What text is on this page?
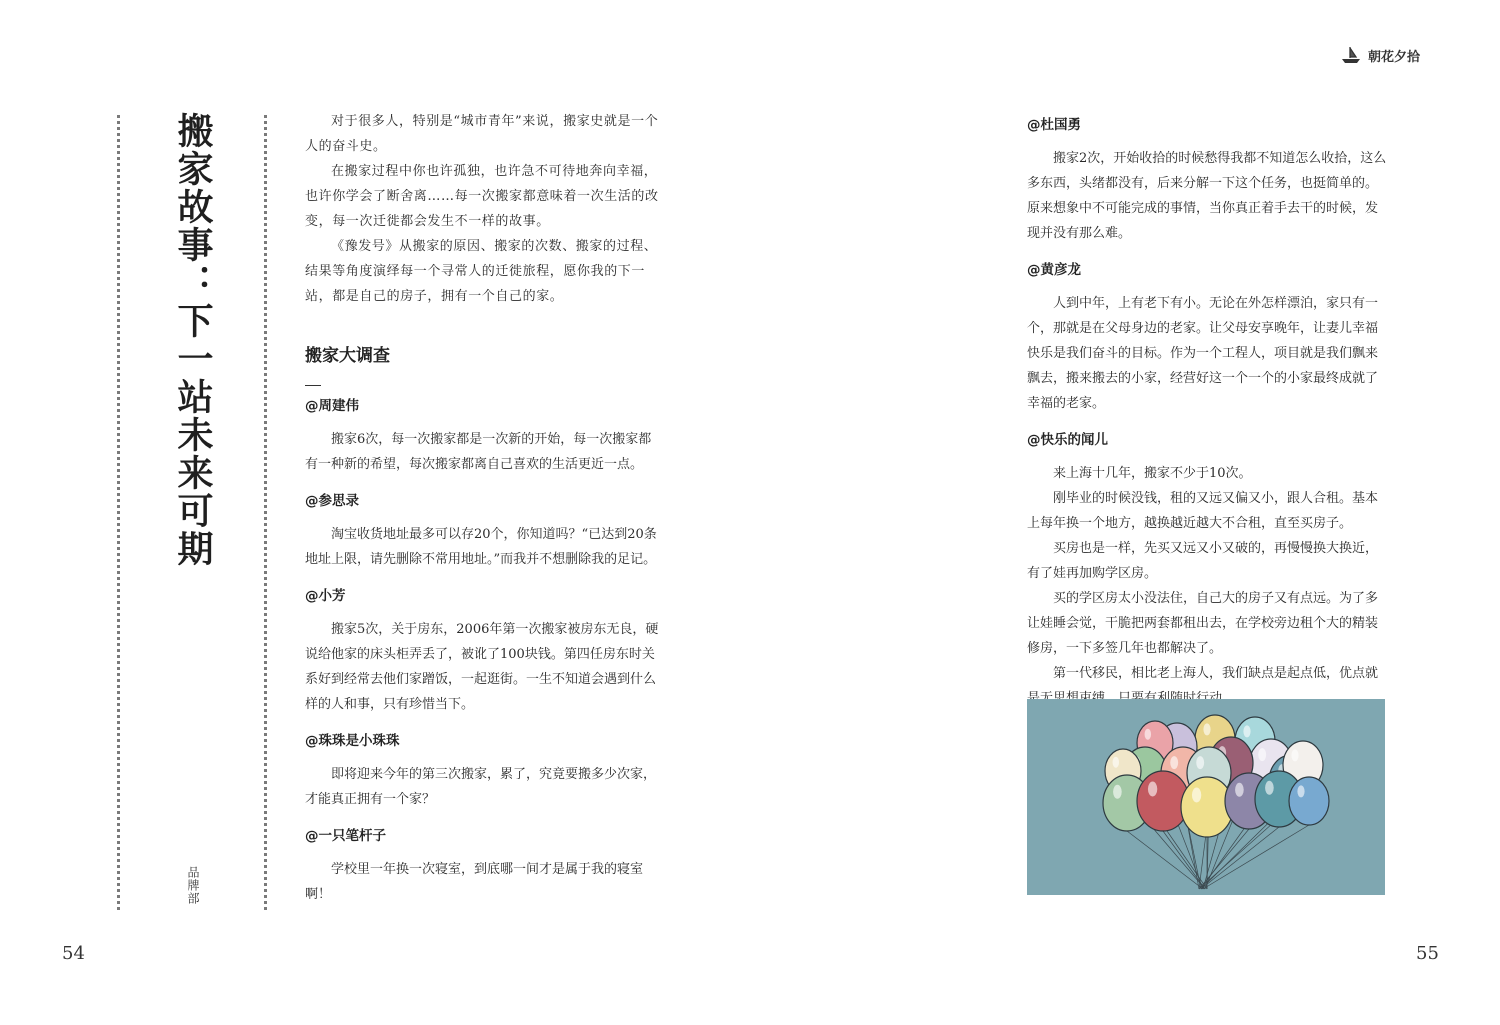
朝花夕拾
搬家故事：下一站未来可期
品牌部

对于很多人，特别是“城市青年”来说，搬家史就是一个人的奋斗史。

在搬家过程中你也许孤独，也许急不可待地奔向幸福，也许你学会了断舍离……每一次搬家都意味着一次生活的改变，每一次迁徙都会发生不一样的故事。

《豫发号》从搬家的原因、搬家的次数、搬家的过程、结果等角度演绎每一个寻常人的迁徙旅程，愿你我的下一站，都是自己的房子，拥有一个自己的家。

搬家大调查
@周建伟

搬家6次，每一次搬家都是一次新的开始，每一次搬家都有一种新的希望，每次搬家都离自己喜欢的生活更近一点。

@参思录

淘宝收货地址最多可以存20个，你知道吗？“已达到20条地址上限，请先删除不常用地址。”而我并不想删除我的足记。

@小芳

搬家5次，关于房东，2006年第一次搬家被房东无良，硬说给他家的床头柜弄丢了，被讹了100块钱。第四任房东时关系好到经常去他们家蹭饭，一起逛街。一生不知道会遇到什么样的人和事，只有珍惜当下。

@珠珠是小珠珠

即将迎来今年的第三次搬家，累了，究竟要搬多少次家，才能真正拥有一个家？

@一只笔杆子

学校里一年换一次寝室，到底哪一间才是属于我的寝室啊！

@杜国勇

搬家2次，开始收拾的时候愁得我都不知道怎么收拾，这么多东西，头绪都没有，后来分解一下这个任务，也挺简单的。原来想象中不可能完成的事情，当你真正着手去干的时候，发现并没有那么难。

@黄彦龙

人到中年，上有老下有小。无论在外怎样漂泊，家只有一个，那就是在父母身边的老家。让父母安享晚年，让妻儿幸福快乐是我们奋斗的目标。作为一个工程人，项目就是我们飘来飘去，搬来搬去的小家，经营好这一个一个的小家最终成就了幸福的老家。

@快乐的闻儿

来上海十几年，搬家不少于10次。

刚毕业的时候没钱，租的又远又偏又小，跟人合租。基本上每年换一个地方，越换越近越大不合租，直至买房子。

买房也是一样，先买又远又小又破的，再慢慢换大换近，有了娃再加购学区房。

买的学区房太小没法住，自己大的房子又有点远。为了多让娃睡会觉，干脆把两套都租出去，在学校旁边租个大的精装修房，一下多签几年也都解决了。

第一代移民，相比老上海人，我们缺点是起点低，优点就

54	55
